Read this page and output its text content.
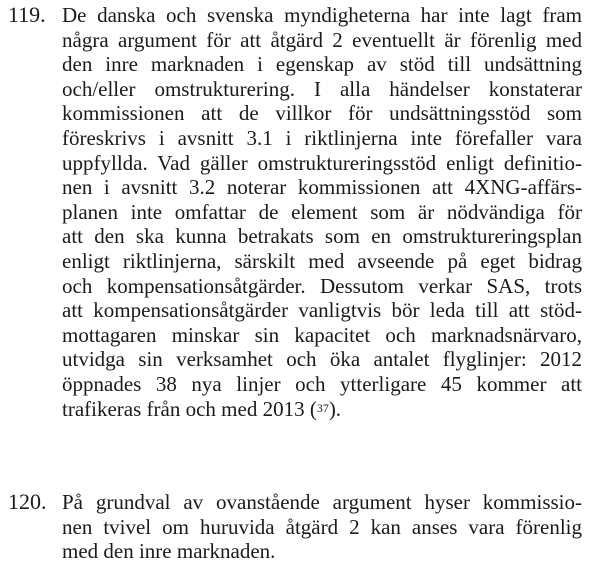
119. De danska och svenska myndigheterna har inte lagt fram
några argument för att åtgärd 2 eventuellt är förenlig med
den inre marknaden i egenskap av stöd till undsättning
och/eller omstrukturering. I alla händelser konstaterar
kommissionen att de villkor för undsättningsstöd som
föreskrivs i avsnitt 3.1 i riktlinjerna inte förefaller vara
uppfyllda. Vad gäller omstruktureringsstöd enligt definitio-
nen i avsnitt 3.2 noterar kommissionen att 4XNG-affärs-
planen inte omfattar de element som är nödvändiga för
att den ska kunna betrakats som en omstruktureringsplan
enligt riktlinjerna, särskilt med avseende på eget bidrag
och kompensationsåtgärder. Dessutom verkar SAS, trots
att kompensationsåtgärder vanligtvis bör leda till att stöd-
mottagaren minskar sin kapacitet och marknadsnärvaro,
utvidga sin verksamhet och öka antalet flyglinjer: 2012
öppnades 38 nya linjer och ytterligare 45 kommer att
trafikeras från och med 2013 ($^{37}$).
120. På grundval av ovanstående argument hyser kommissio-
nen tvivel om huruvida åtgärd 2 kan anses vara förenlig
med den inre marknaden.
